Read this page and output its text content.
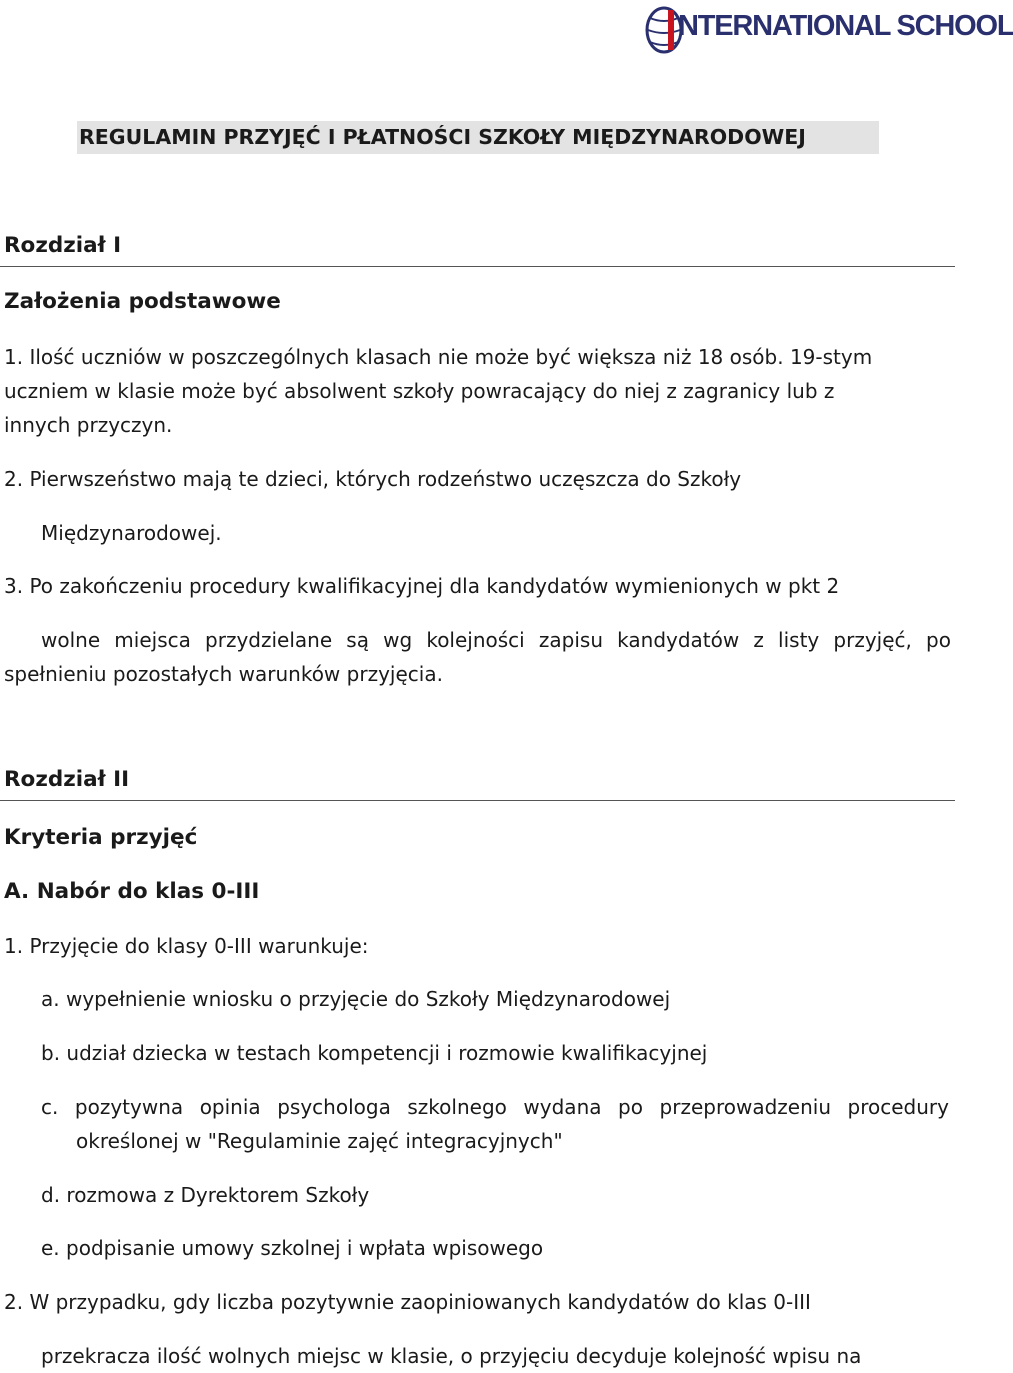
NTERNATIONAL SCHOOL
REGULAMIN PRZYJĘĆ I PŁATNOŚCI SZKOŁY MIĘDZYNARODOWEJ
Rozdział I
Założenia podstawowe
1. Ilość uczniów w poszczególnych klasach nie może być większa niż 18 osób. 19-stym
uczniem w klasie może być absolwent szkoły powracający do niej z zagranicy lub z
innych przyczyn.
2. Pierwszeństwo mają te dzieci, których rodzeństwo uczęszcza do Szkoły
Międzynarodowej.
3. Po zakończeniu procedury kwalifikacyjnej dla kandydatów wymienionych w pkt 2
wolne miejsca przydzielane są wg kolejności zapisu kandydatów z listy przyjęć, po
spełnieniu pozostałych warunków przyjęcia.
Rozdział II
Kryteria przyjęć
A. Nabór do klas 0-III
1. Przyjęcie do klasy 0-III warunkuje:
a. wypełnienie wniosku o przyjęcie do Szkoły Międzynarodowej
b. udział dziecka w testach kompetencji i rozmowie kwalifikacyjnej
c. pozytywna opinia psychologa szkolnego wydana po przeprowadzeniu procedury
określonej w "Regulaminie zajęć integracyjnych"
d. rozmowa z Dyrektorem Szkoły
e. podpisanie umowy szkolnej i wpłata wpisowego
2. W przypadku, gdy liczba pozytywnie zaopiniowanych kandydatów do klas 0-III
przekracza ilość wolnych miejsc w klasie, o przyjęciu decyduje kolejność wpisu na
